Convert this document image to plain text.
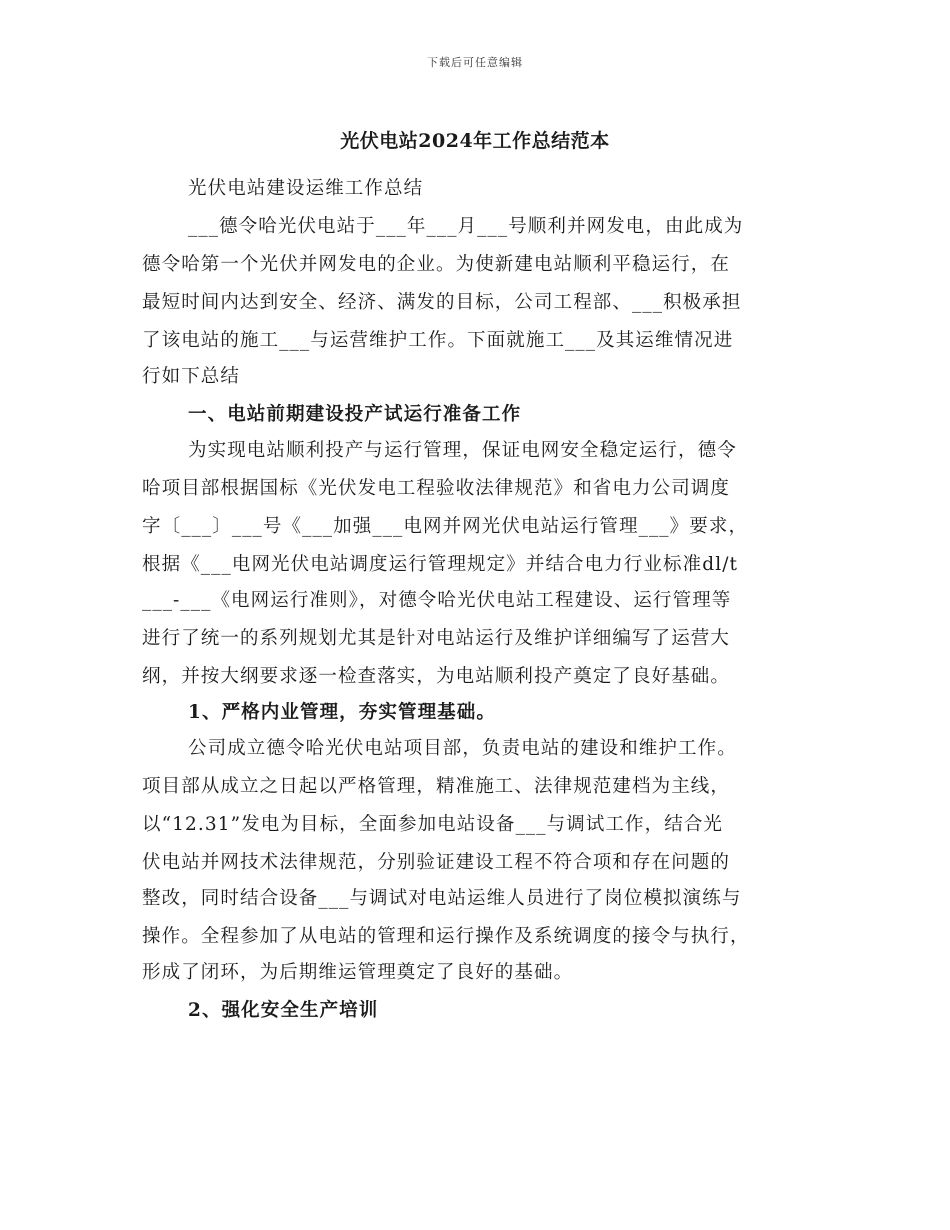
下载后可任意编辑
光伏电站2024年工作总结范本
光伏电站建设运维工作总结
___德令哈光伏电站于___年___月___号顺利并网发电，由此成为
德令哈第一个光伏并网发电的企业。为使新建电站顺利平稳运行，在
最短时间内达到安全、经济、满发的目标，公司工程部、___积极承担
了该电站的施工___与运营维护工作。下面就施工___及其运维情况进
行如下总结
一、电站前期建设投产试运行准备工作
为实现电站顺利投产与运行管理，保证电网安全稳定运行，德令
哈项目部根据国标《光伏发电工程验收法律规范》和省电力公司调度
字〔___〕___号《___加强___电网并网光伏电站运行管理___》要求，
根据《___电网光伏电站调度运行管理规定》并结合电力行业标准dl/t
___-___《电网运行准则》，对德令哈光伏电站工程建设、运行管理等
进行了统一的系列规划尤其是针对电站运行及维护详细编写了运营大
纲，并按大纲要求逐一检查落实，为电站顺利投产奠定了良好基础。
1、严格内业管理，夯实管理基础。
公司成立德令哈光伏电站项目部，负责电站的建设和维护工作。
项目部从成立之日起以严格管理，精准施工、法律规范建档为主线，
以“12.31”发电为目标，全面参加电站设备___与调试工作，结合光
伏电站并网技术法律规范，分别验证建设工程不符合项和存在问题的
整改，同时结合设备___与调试对电站运维人员进行了岗位模拟演练与
操作。全程参加了从电站的管理和运行操作及系统调度的接令与执行，
形成了闭环，为后期维运管理奠定了良好的基础。
2、强化安全生产培训
